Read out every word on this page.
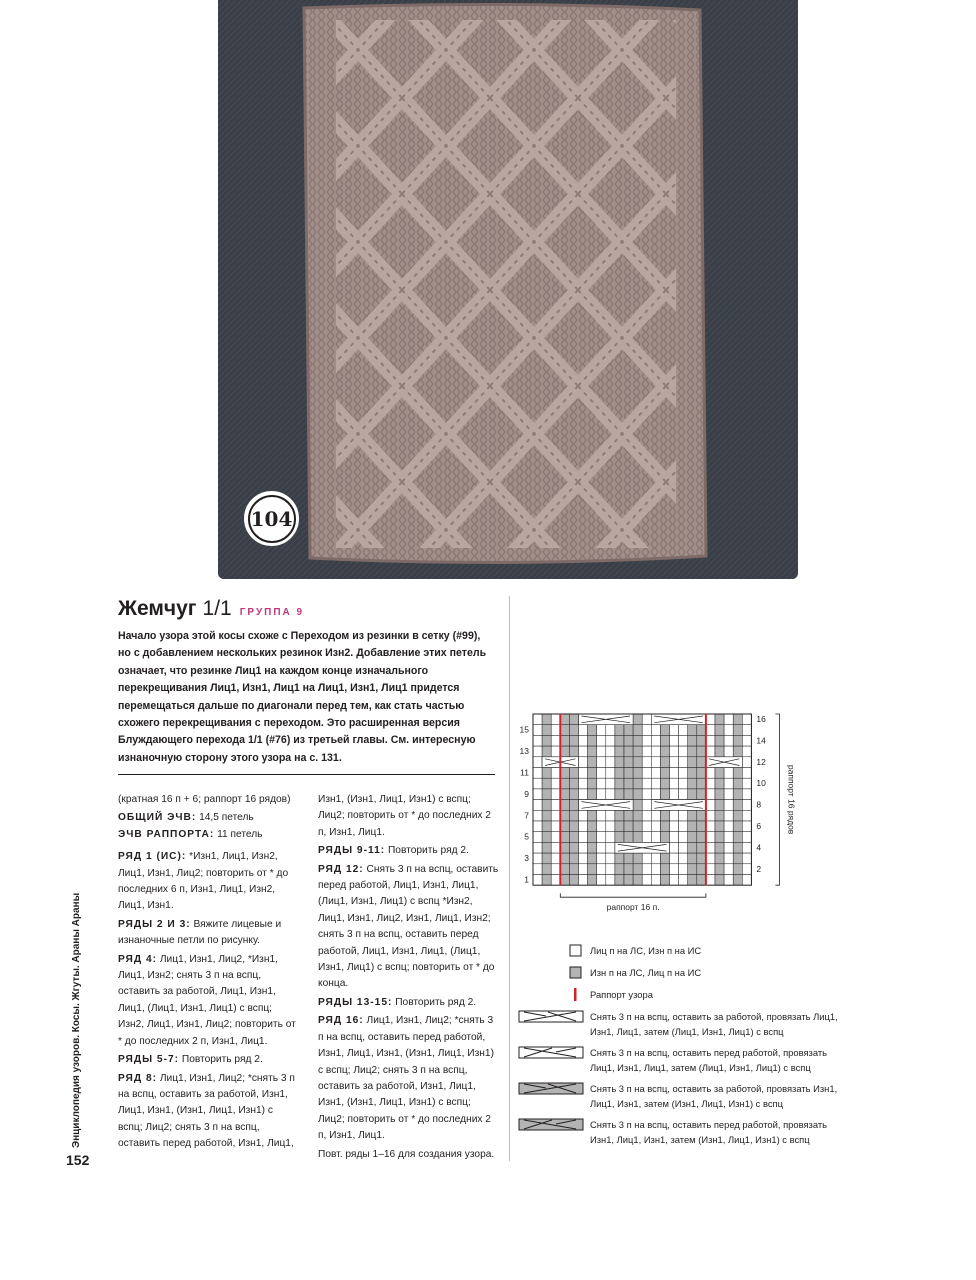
104
Жемчуг 1/1 ГРУППА 9
Начало узора этой косы схоже с Переходом из резинки в сетку (#99), но с добавлением нескольких резинок Изн2. Добавление этих петель означает, что резинке Лиц1 на каждом конце изначального перекрещивания Лиц1, Изн1, Лиц1 на Лиц1, Изн1, Лиц1 придется перемещаться дальше по диагонали перед тем, как стать частью схожего перекрещивания с переходом. Это расширенная версия Блуждающего перехода 1/1 (#76) из третьей главы. См. интересную изнаночную сторону этого узора на с. 131.

(кратная 16 п + 6; раппорт 16 рядов)

ОБЩИЙ ЭЧВ: 14,5 петель

ЭЧВ РАППОРТА: 11 петель

РЯД 1 (ИС): *Изн1, Лиц1, Изн2, Лиц1, Изн1, Лиц2; повторить от * до последних 6 п, Изн1, Лиц1, Изн2, Лиц1, Изн1.

РЯДЫ 2 И 3: Вяжите лицевые и изнаночные петли по рисунку.

РЯД 4: Лиц1, Изн1, Лиц2, *Изн1, Лиц1, Изн2; снять 3 п на вспц, оставить за работой, Лиц1, Изн1, Лиц1, (Лиц1, Изн1, Лиц1) с вспц; Изн2, Лиц1, Изн1, Лиц2; повторить от * до последних 2 п, Изн1, Лиц1.

РЯДЫ 5-7: Повторить ряд 2.

РЯД 8: Лиц1, Изн1, Лиц2; *снять 3 п на вспц, оставить за работой, Изн1, Лиц1, Изн1, (Изн1, Лиц1, Изн1) с вспц; Лиц2; снять 3 п на вспц, оставить перед работой, Изн1, Лиц1,

Изн1, (Изн1, Лиц1, Изн1) с вспц; Лиц2; повторить от * до последних 2 п, Изн1, Лиц1.

РЯДЫ 9-11: Повторить ряд 2.

РЯД 12: Снять 3 п на вспц, оставить перед работой, Лиц1, Изн1, Лиц1, (Лиц1, Изн1, Лиц1) с вспц *Изн2, Лиц1, Изн1, Лиц2, Изн1, Лиц1, Изн2; снять 3 п на вспц, оставить перед работой, Лиц1, Изн1, Лиц1, (Лиц1, Изн1, Лиц1) с вспц; повторить от * до конца.

РЯДЫ 13-15: Повторить ряд 2.

РЯД 16: Лиц1, Изн1, Лиц2; *снять 3 п на вспц, оставить перед работой, Изн1, Лиц1, Изн1, (Изн1, Лиц1, Изн1) с вспц; Лиц2; снять 3 п на вспц, оставить за работой, Изн1, Лиц1, Изн1, (Изн1, Лиц1, Изн1) с вспц; Лиц2; повторить от * до последних 2 п, Изн1, Лиц1.

Повт. ряды 1–16 для создания узора.

15
13
11
9
7
5
3
1
16
14
12
10
8
6
4
2
раппорт 16 рядов
раппорт 16 п.
Лиц п на ЛС, Изн п на ИС
Изн п на ЛС, Лиц п на ИС
Раппорт узора
Снять 3 п на вспц, оставить за работой, провязать Лиц1, Изн1, Лиц1, затем (Лиц1, Изн1, Лиц1) с вспц
Снять 3 п на вспц, оставить перед работой, провязать Лиц1, Изн1, Лиц1, затем (Лиц1, Изн1, Лиц1) с вспц
Снять 3 п на вспц, оставить за работой, провязать Изн1, Лиц1, Изн1, затем (Изн1, Лиц1, Изн1) с вспц
Снять 3 п на вспц, оставить перед работой, провязать Изн1, Лиц1, Изн1, затем (Изн1, Лиц1, Изн1) с вспц
Энциклопедия узоров. Косы. Жгуты. Араны Араны
152
